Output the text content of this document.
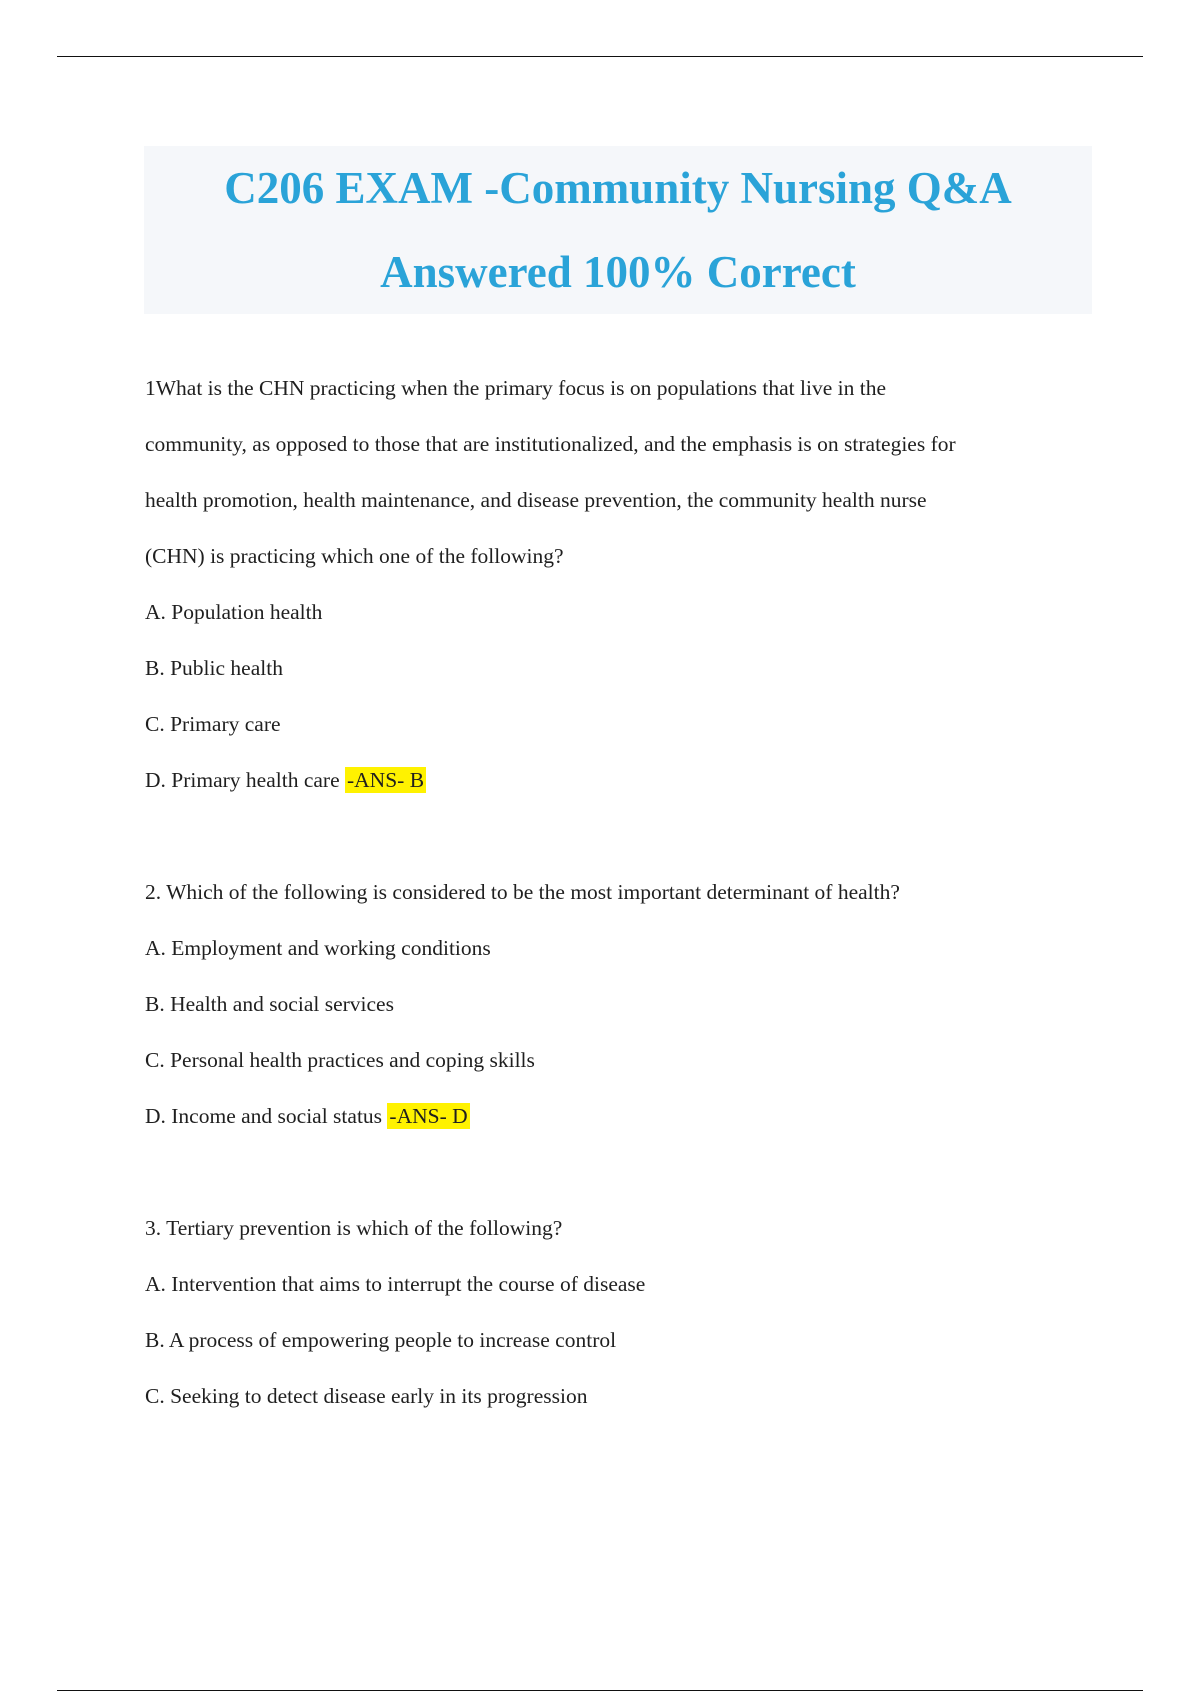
C206 EXAM -Community Nursing Q&A
Answered 100% Correct
1What is the CHN practicing when the primary focus is on populations that live in the
community, as opposed to those that are institutionalized, and the emphasis is on strategies for
health promotion, health maintenance, and disease prevention, the community health nurse
(CHN) is practicing which one of the following?
A. Population health
B. Public health
C. Primary care
D. Primary health care -ANS- B
2. Which of the following is considered to be the most important determinant of health?
A. Employment and working conditions
B. Health and social services
C. Personal health practices and coping skills
D. Income and social status -ANS- D
3. Tertiary prevention is which of the following?
A. Intervention that aims to interrupt the course of disease
B. A process of empowering people to increase control
C. Seeking to detect disease early in its progression
